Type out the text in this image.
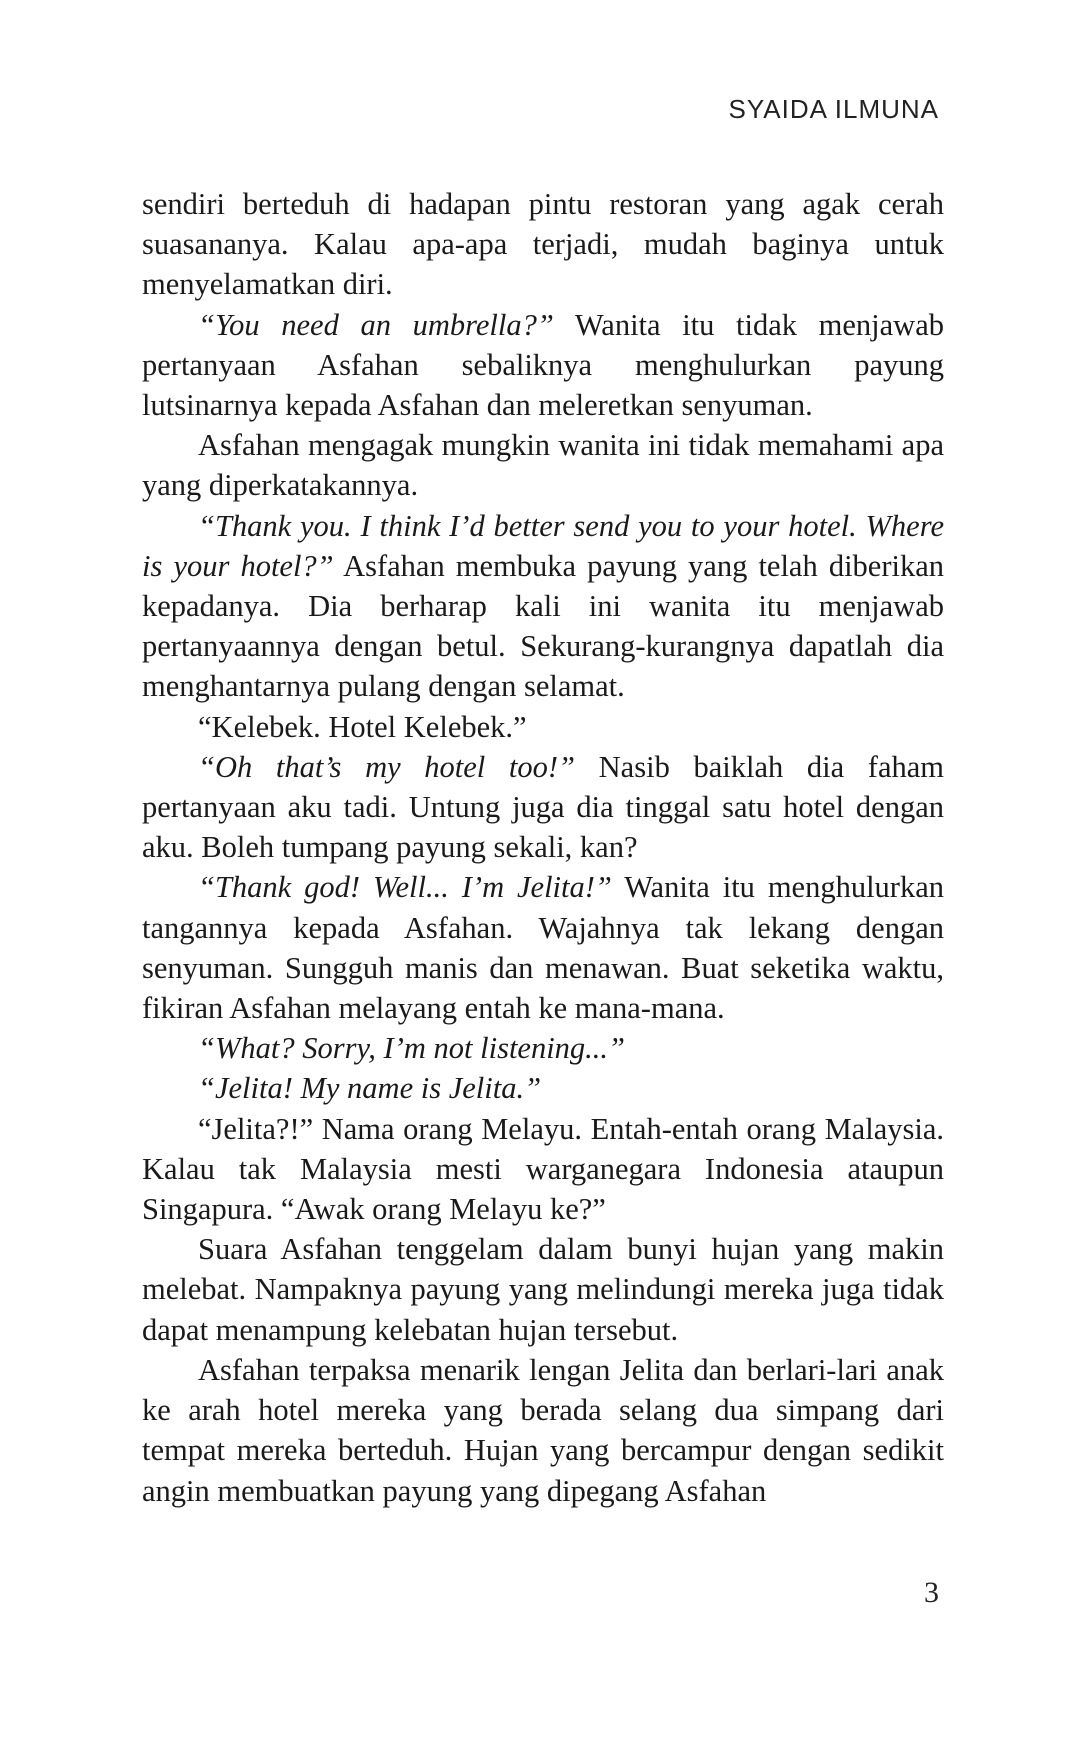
SYAIDA ILMUNA

sendiri berteduh di hadapan pintu restoran yang agak cerah suasananya. Kalau apa-apa terjadi, mudah baginya untuk menyelamatkan diri.

“You need an umbrella?” Wanita itu tidak menjawab pertanyaan Asfahan sebaliknya menghulurkan payung lutsinarnya kepada Asfahan dan meleretkan senyuman.

Asfahan mengagak mungkin wanita ini tidak memahami apa yang diperkatakannya.

“Thank you. I think I’d better send you to your hotel. Where is your hotel?” Asfahan membuka payung yang telah diberikan kepadanya. Dia berharap kali ini wanita itu menjawab pertanyaannya dengan betul. Sekurang-kurangnya dapatlah dia menghantarnya pulang dengan selamat.

“Kelebek. Hotel Kelebek.”

“Oh that’s my hotel too!” Nasib baiklah dia faham pertanyaan aku tadi. Untung juga dia tinggal satu hotel dengan aku. Boleh tumpang payung sekali, kan?

“Thank god! Well... I’m Jelita!” Wanita itu menghulurkan tangannya kepada Asfahan. Wajahnya tak lekang dengan senyuman. Sungguh manis dan menawan. Buat seketika waktu, fikiran Asfahan melayang entah ke mana-mana.

“What? Sorry, I’m not listening...”

“Jelita! My name is Jelita.”

“Jelita?!” Nama orang Melayu. Entah-entah orang Malaysia. Kalau tak Malaysia mesti warganegara Indonesia ataupun Singapura. “Awak orang Melayu ke?”

Suara Asfahan tenggelam dalam bunyi hujan yang makin melebat. Nampaknya payung yang melindungi mereka juga tidak dapat menampung kelebatan hujan tersebut.

Asfahan terpaksa menarik lengan Jelita dan berlari-lari anak ke arah hotel mereka yang berada selang dua simpang dari tempat mereka berteduh. Hujan yang bercampur dengan sedikit angin membuatkan payung yang dipegang Asfahan

3
